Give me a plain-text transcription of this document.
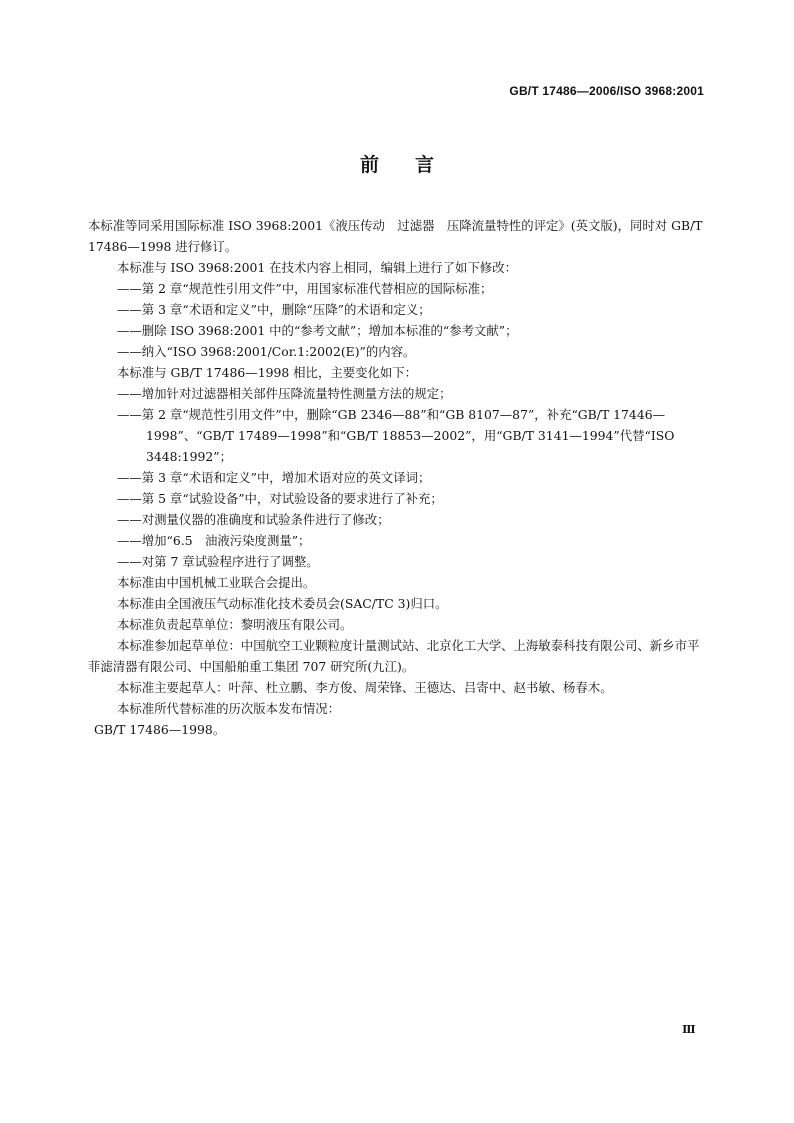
GB/T 17486—2006/ISO 3968:2001
前言

本标准等同采用国际标准 ISO 3968:2001《液压传动　过滤器　压降流量特性的评定》(英文版)，同时对 GB/T 17486—1998 进行修订。

本标准与 ISO 3968:2001 在技术内容上相同，编辑上进行了如下修改：

——第 2 章“规范性引用文件”中，用国家标准代替相应的国际标准；

——第 3 章“术语和定义”中，删除“压降”的术语和定义；

——删除 ISO 3968:2001 中的“参考文献”；增加本标准的“参考文献”；

——纳入“ISO 3968:2001/Cor.1:2002(E)”的内容。

本标准与 GB/T 17486—1998 相比，主要变化如下：

——增加针对过滤器相关部件压降流量特性测量方法的规定；

——第 2 章“规范性引用文件”中，删除“GB 2346—88”和“GB 8107—87”，补充“GB/T 17446—1998”、“GB/T 17489—1998”和“GB/T 18853—2002”，用“GB/T 3141—1994”代替“ISO 3448:1992”；

——第 3 章“术语和定义”中，增加术语对应的英文译词；

——第 5 章“试验设备”中，对试验设备的要求进行了补充；

——对测量仪器的准确度和试验条件进行了修改；

——增加“6.5　油液污染度测量”；

——对第 7 章试验程序进行了调整。

本标准由中国机械工业联合会提出。

本标准由全国液压气动标准化技术委员会(SAC/TC 3)归口。

本标准负责起草单位：黎明液压有限公司。

本标准参加起草单位：中国航空工业颗粒度计量测试站、北京化工大学、上海敏泰科技有限公司、新乡市平菲滤清器有限公司、中国船舶重工集团 707 研究所(九江)。

本标准主要起草人：叶萍、杜立鹏、李方俊、周荣锋、王德达、吕寄中、赵书敏、杨春木。

本标准所代替标准的历次版本发布情况：

GB/T 17486—1998。

Ⅲ
